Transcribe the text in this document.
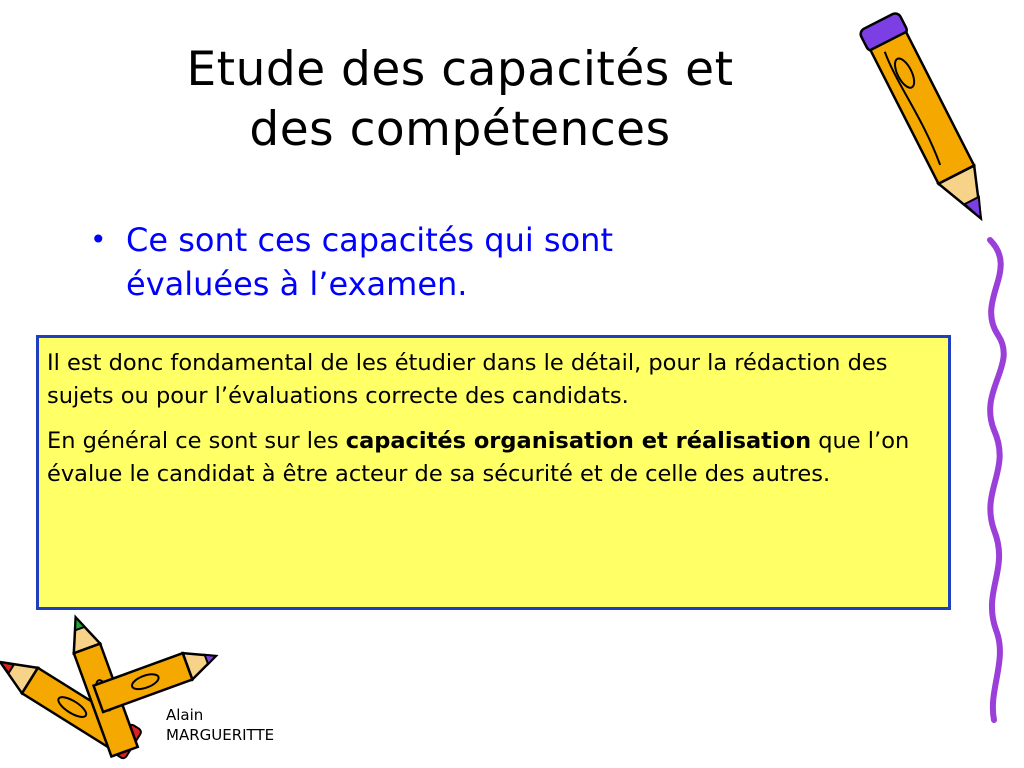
Etude des capacités et
des compétences
• Ce sont ces capacités qui sont
évaluées à l’examen.

Il est donc fondamental de les étudier dans le détail, pour la rédaction des sujets ou pour l’évaluations correcte des candidats.

En général ce sont sur les capacités organisation et réalisation que l’on évalue le candidat à être acteur de sa sécurité et de celle des autres.

Alain
MARGUERITTE
